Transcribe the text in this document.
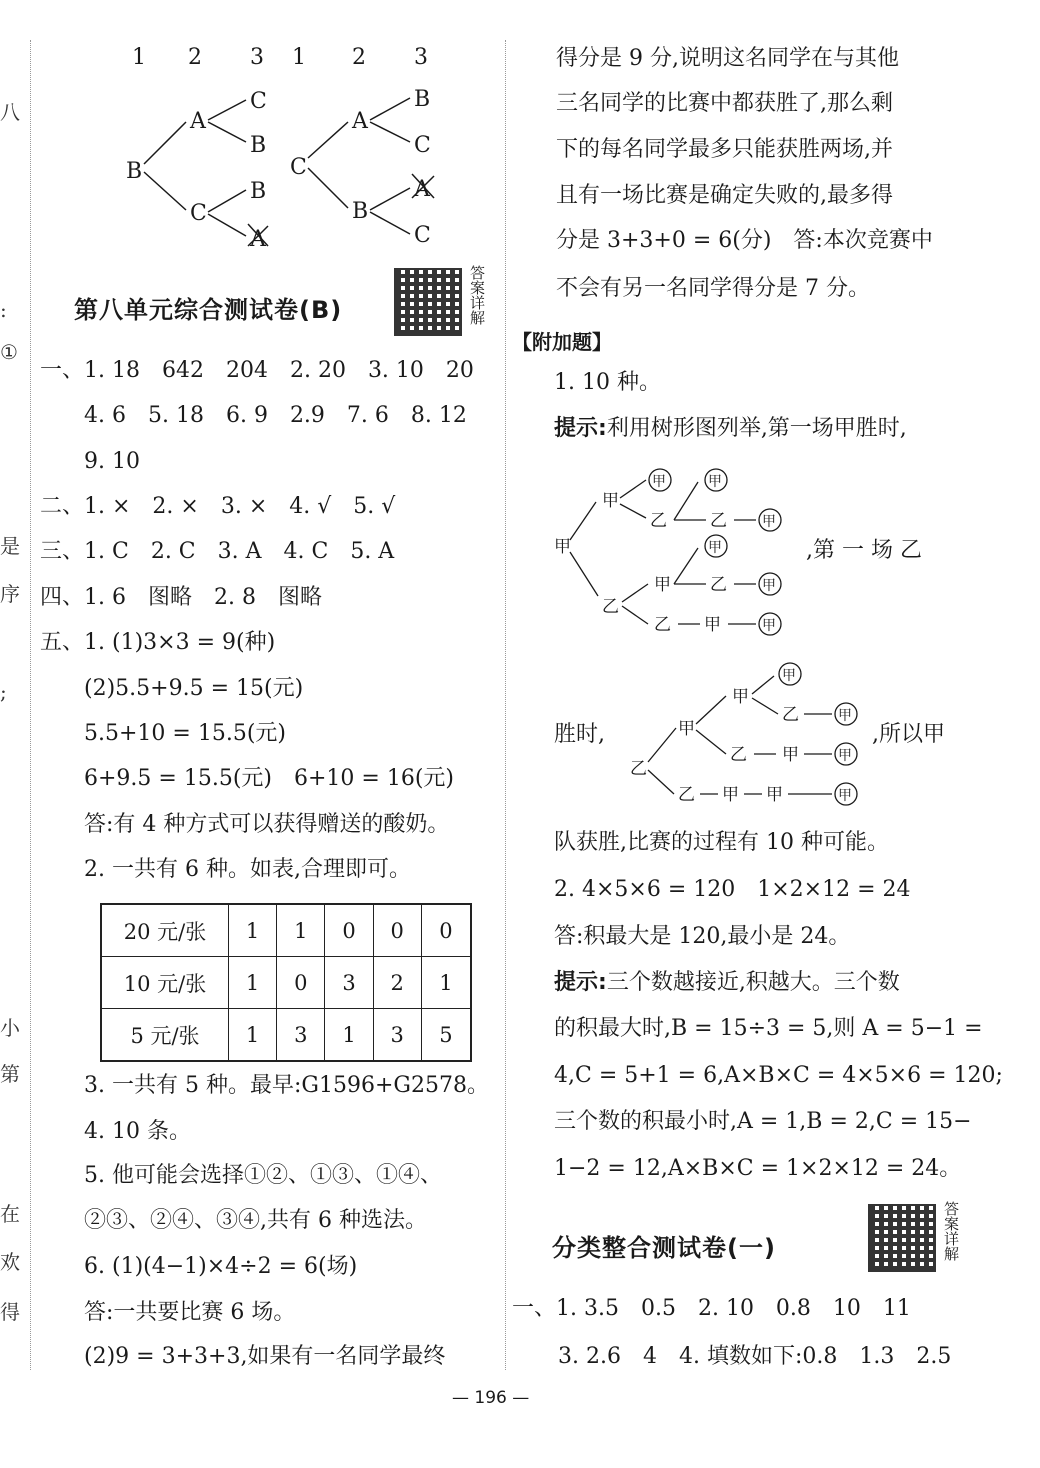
八
:
①
是
序
;
小
第
在
欢
得
1 2 3 1 2 3
B
A
C
B
C
B
A
C
A
B
C
B
A
C
第八单元综合测试卷(B)
答案详解
一、1. 18　642　204　2. 20　3. 10　20
4. 6　5. 18　6. 9　2.9　7. 6　8. 12
9. 10
二、1. ×　2. ×　3. ×　4. √　5. √
三、1. C　2. C　3. A　4. C　5. A
四、1. 6　图略　2. 8　图略
五、1. (1)3×3 = 9(种)
(2)5.5+9.5 = 15(元)
5.5+10 = 15.5(元)
6+9.5 = 15.5(元)　6+10 = 16(元)
答:有 4 种方式可以获得赠送的酸奶。
2. 一共有 6 种。如表,合理即可。
20 元/张	1	1	0	0	0
10 元/张	1	0	3	2	1
5 元/张	1	3	1	3	5
3. 一共有 5 种。最早:G1596+G2578。
4. 10 条。
5. 他可能会选择①②、①③、①④、
②③、②④、③④,共有 6 种选法。
6. (1)(4−1)×4÷2 = 6(场)
答:一共要比赛 6 场。
(2)9 = 3+3+3,如果有一名同学最终
得分是 9 分,说明这名同学在与其他
三名同学的比赛中都获胜了,那么剩
下的每名同学最多只能获胜两场,并
且有一场比赛是确定失败的,最多得
分是 3+3+0 = 6(分)　答:本次竞赛中
不会有另一名同学得分是 7 分。
【附加题】
1. 10 种。
提示:利用树形图列举,第一场甲胜时,
甲
甲
甲
乙
甲
乙	甲
乙
甲
甲
乙	甲
乙 甲	甲
,第 一 场 乙
胜时,
乙
甲
甲
甲
乙	甲
乙 甲	甲
乙 甲 甲	甲
,所以甲
队获胜,比赛的过程有 10 种可能。
2. 4×5×6 = 120　1×2×12 = 24
答:积最大是 120,最小是 24。
提示:三个数越接近,积越大。三个数
的积最大时,B = 15÷3 = 5,则 A = 5−1 =
4,C = 5+1 = 6,A×B×C = 4×5×6 = 120;
三个数的积最小时,A = 1,B = 2,C = 15−
1−2 = 12,A×B×C = 1×2×12 = 24。
分类整合测试卷(一)
答案详解
一、1. 3.5　0.5　2. 10　0.8　10　11
3. 2.6　4　4. 填数如下:0.8　1.3　2.5
— 196 —
